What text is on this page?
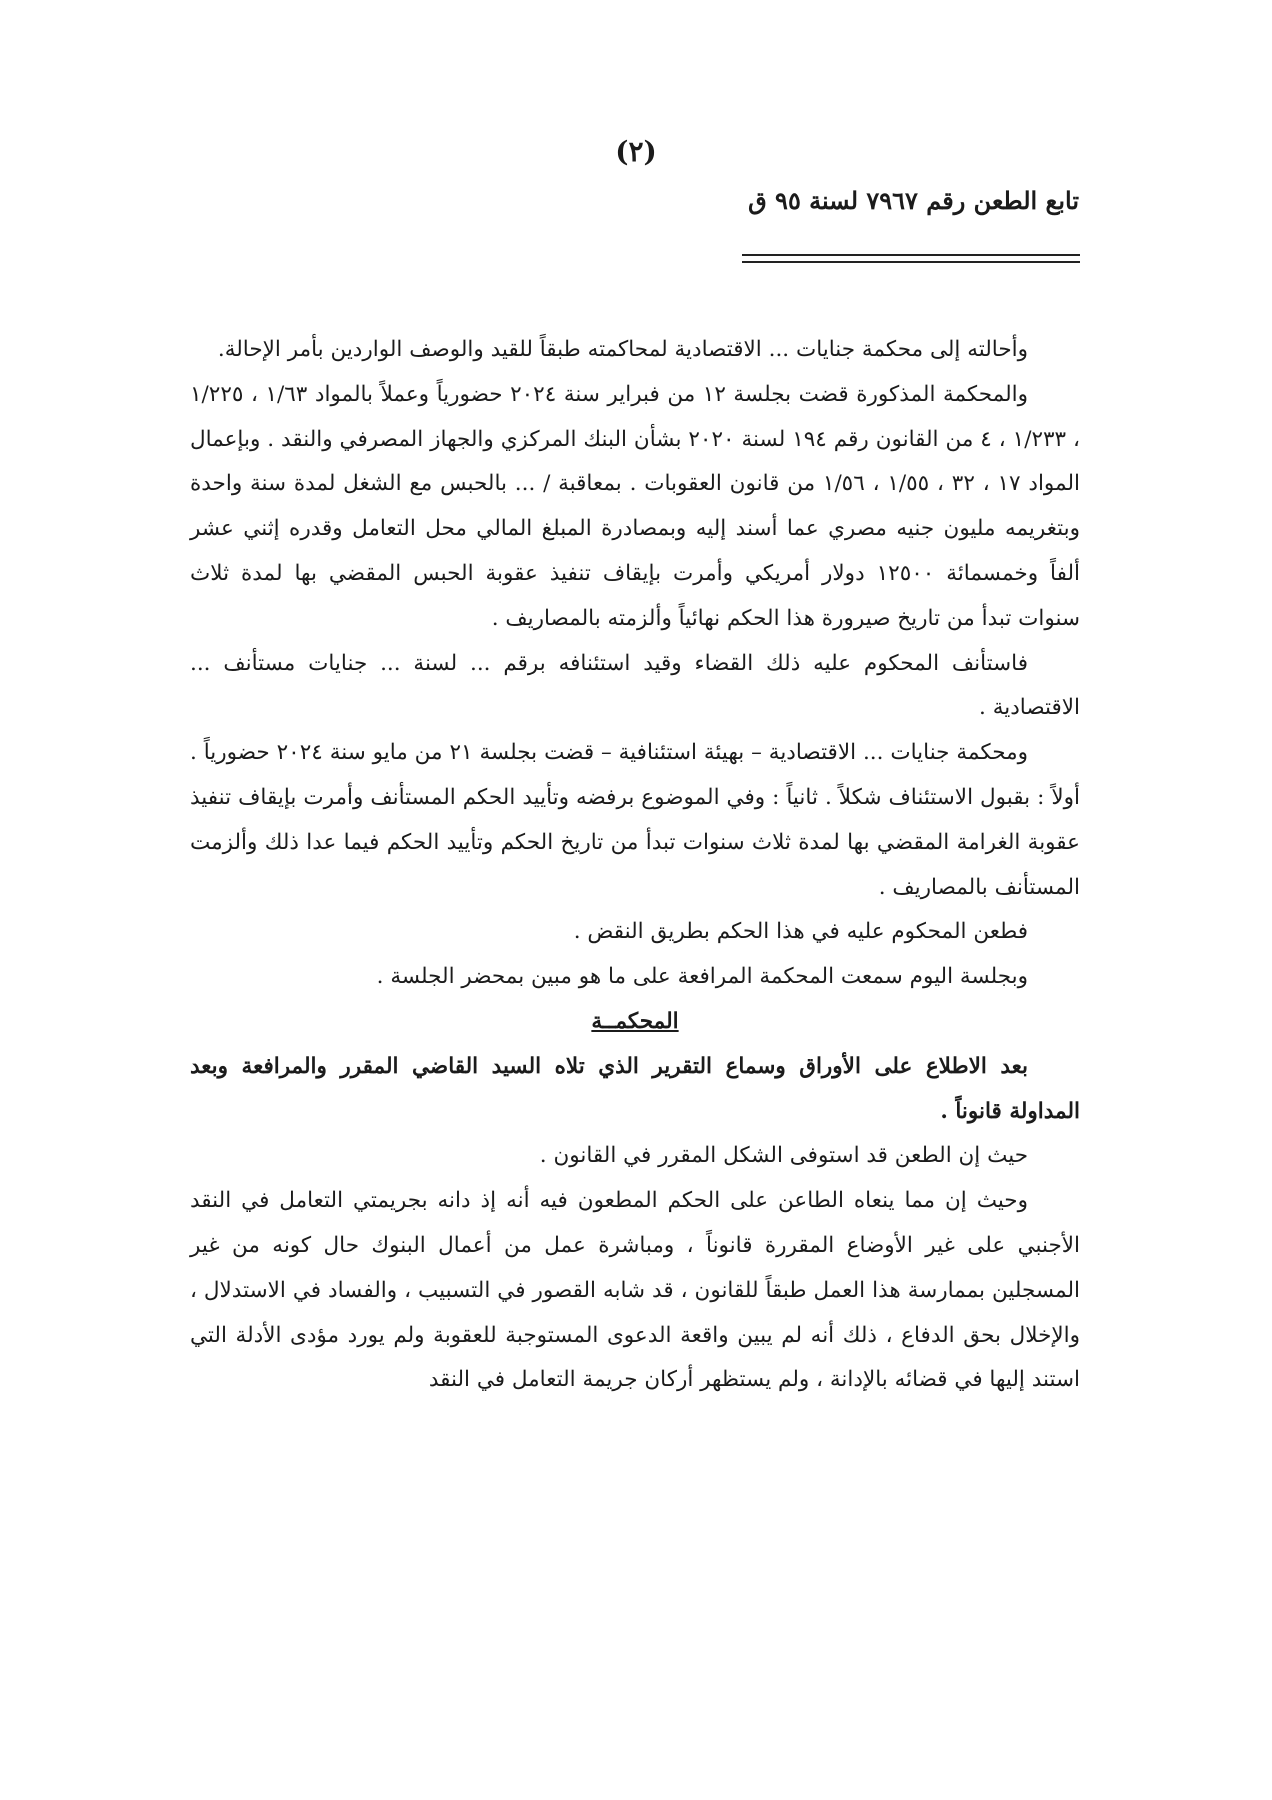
(٢)
تابع الطعن رقم ٧٩٦٧ لسنة ٩٥ ق

وأحالته إلى محكمة جنايات ... الاقتصادية لمحاكمته طبقاً للقيد والوصف الواردين بأمر الإحالة.

والمحكمة المذكورة قضت بجلسة ١٢ من فبراير سنة ٢٠٢٤ حضورياً وعملاً بالمواد ١/٦٣ ، ١/٢٢٥ ، ١/٢٣٣ ، ٤ من القانون رقم ١٩٤ لسنة ٢٠٢٠ بشأن البنك المركزي والجهاز المصرفي والنقد . وبإعمال المواد ١٧ ، ٣٢ ، ١/٥٥ ، ١/٥٦ من قانون العقوبات . بمعاقبة / ... بالحبس مع الشغل لمدة سنة واحدة وبتغريمه مليون جنيه مصري عما أسند إليه وبمصادرة المبلغ المالي محل التعامل وقدره إثني عشر ألفاً وخمسمائة ١٢٥٠٠ دولار أمريكي وأمرت بإيقاف تنفيذ عقوبة الحبس المقضي بها لمدة ثلاث سنوات تبدأ من تاريخ صيرورة هذا الحكم نهائياً وألزمته بالمصاريف .

فاستأنف المحكوم عليه ذلك القضاء وقيد استئنافه برقم ... لسنة ... جنايات مستأنف ... الاقتصادية .

ومحكمة جنايات ... الاقتصادية – بهيئة استئنافية – قضت بجلسة ٢١ من مايو سنة ٢٠٢٤ حضورياً . أولاً : بقبول الاستئناف شكلاً . ثانياً : وفي الموضوع برفضه وتأييد الحكم المستأنف وأمرت بإيقاف تنفيذ عقوبة الغرامة المقضي بها لمدة ثلاث سنوات تبدأ من تاريخ الحكم وتأييد الحكم فيما عدا ذلك وألزمت المستأنف بالمصاريف .

فطعن المحكوم عليه في هذا الحكم بطريق النقض .

وبجلسة اليوم سمعت المحكمة المرافعة على ما هو مبين بمحضر الجلسة .

المحكمــة

بعد الاطلاع على الأوراق وسماع التقرير الذي تلاه السيد القاضي المقرر والمرافعة وبعد المداولة قانوناً .

حيث إن الطعن قد استوفى الشكل المقرر في القانون .

وحيث إن مما ينعاه الطاعن على الحكم المطعون فيه أنه إذ دانه بجريمتي التعامل في النقد الأجنبي على غير الأوضاع المقررة قانوناً ، ومباشرة عمل من أعمال البنوك حال كونه من غير المسجلين بممارسة هذا العمل طبقاً للقانون ، قد شابه القصور في التسبيب ، والفساد في الاستدلال ، والإخلال بحق الدفاع ، ذلك أنه لم يبين واقعة الدعوى المستوجبة للعقوبة ولم يورد مؤدى الأدلة التي استند إليها في قضائه بالإدانة ، ولم يستظهر أركان جريمة التعامل في النقد
